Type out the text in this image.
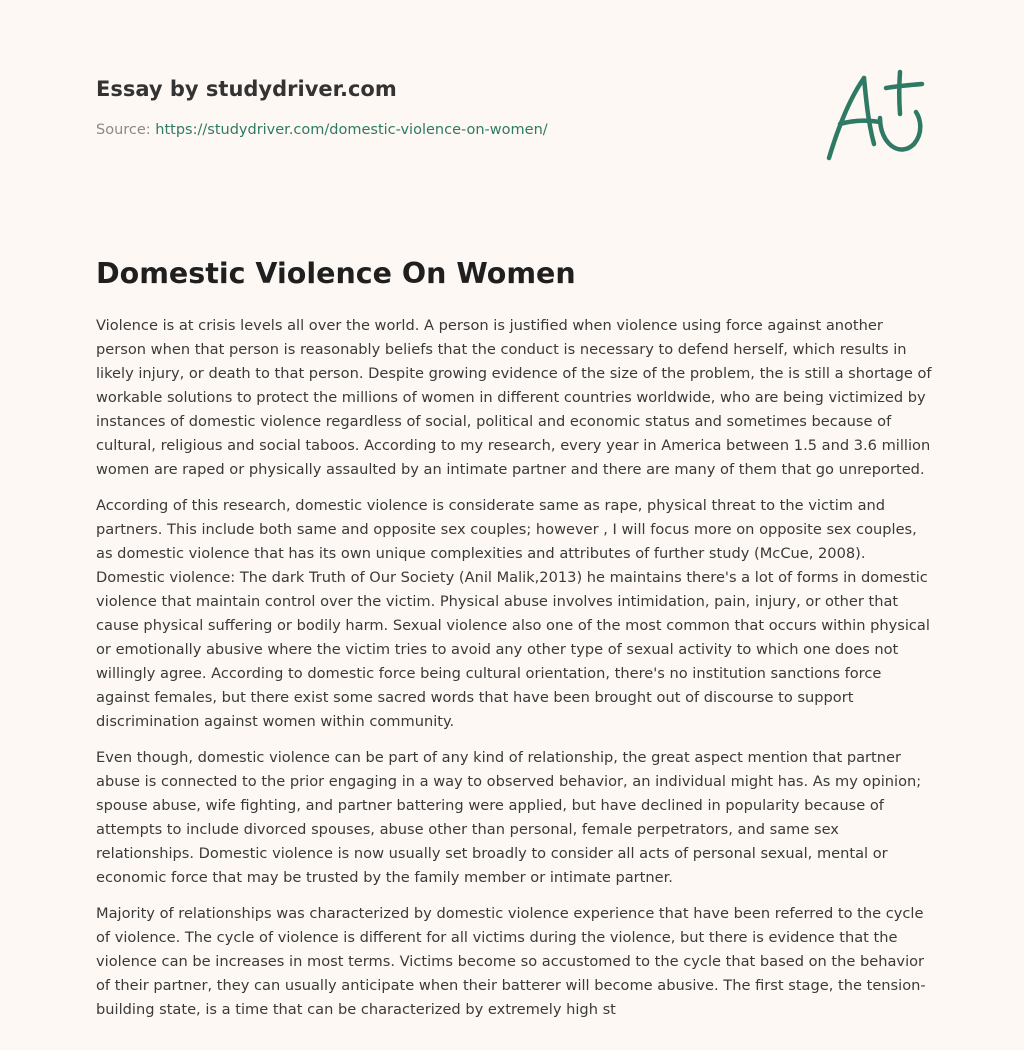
Essay by studydriver.com
Source: https://studydriver.com/domestic-violence-on-women/
Domestic Violence On Women

Violence is at crisis levels all over the world. A person is justified when violence using force against another person when that person is reasonably beliefs that the conduct is necessary to defend herself, which results in likely injury, or death to that person. Despite growing evidence of the size of the problem, the is still a shortage of workable solutions to protect the millions of women in different countries worldwide, who are being victimized by instances of domestic violence regardless of social, political and economic status and sometimes because of cultural, religious and social taboos. According to my research, every year in America between 1.5 and 3.6 million women are raped or physically assaulted by an intimate partner and there are many of them that go unreported.

According of this research, domestic violence is considerate same as rape, physical threat to the victim and partners. This include both same and opposite sex couples; however , I will focus more on opposite sex couples, as domestic violence that has its own unique complexities and attributes of further study (McCue, 2008). Domestic violence: The dark Truth of Our Society (Anil Malik,2013) he maintains there's a lot of forms in domestic violence that maintain control over the victim. Physical abuse involves intimidation, pain, injury, or other that cause physical suffering or bodily harm. Sexual violence also one of the most common that occurs within physical or emotionally abusive where the victim tries to avoid any other type of sexual activity to which one does not willingly agree. According to domestic force being cultural orientation, there's no institution sanctions force against females, but there exist some sacred words that have been brought out of discourse to support discrimination against women within community.

Even though, domestic violence can be part of any kind of relationship, the great aspect mention that partner abuse is connected to the prior engaging in a way to observed behavior, an individual might has. As my opinion; spouse abuse, wife fighting, and partner battering were applied, but have declined in popularity because of attempts to include divorced spouses, abuse other than personal, female perpetrators, and same sex relationships. Domestic violence is now usually set broadly to consider all acts of personal sexual, mental or economic force that may be trusted by the family member or intimate partner.

Majority of relationships was characterized by domestic violence experience that have been referred to the cycle of violence. The cycle of violence is different for all victims during the violence, but there is evidence that the violence can be increases in most terms. Victims become so accustomed to the cycle that based on the behavior of their partner, they can usually anticipate when their batterer will become abusive. The first stage, the tension-building state, is a time that can be characterized by extremely high st
